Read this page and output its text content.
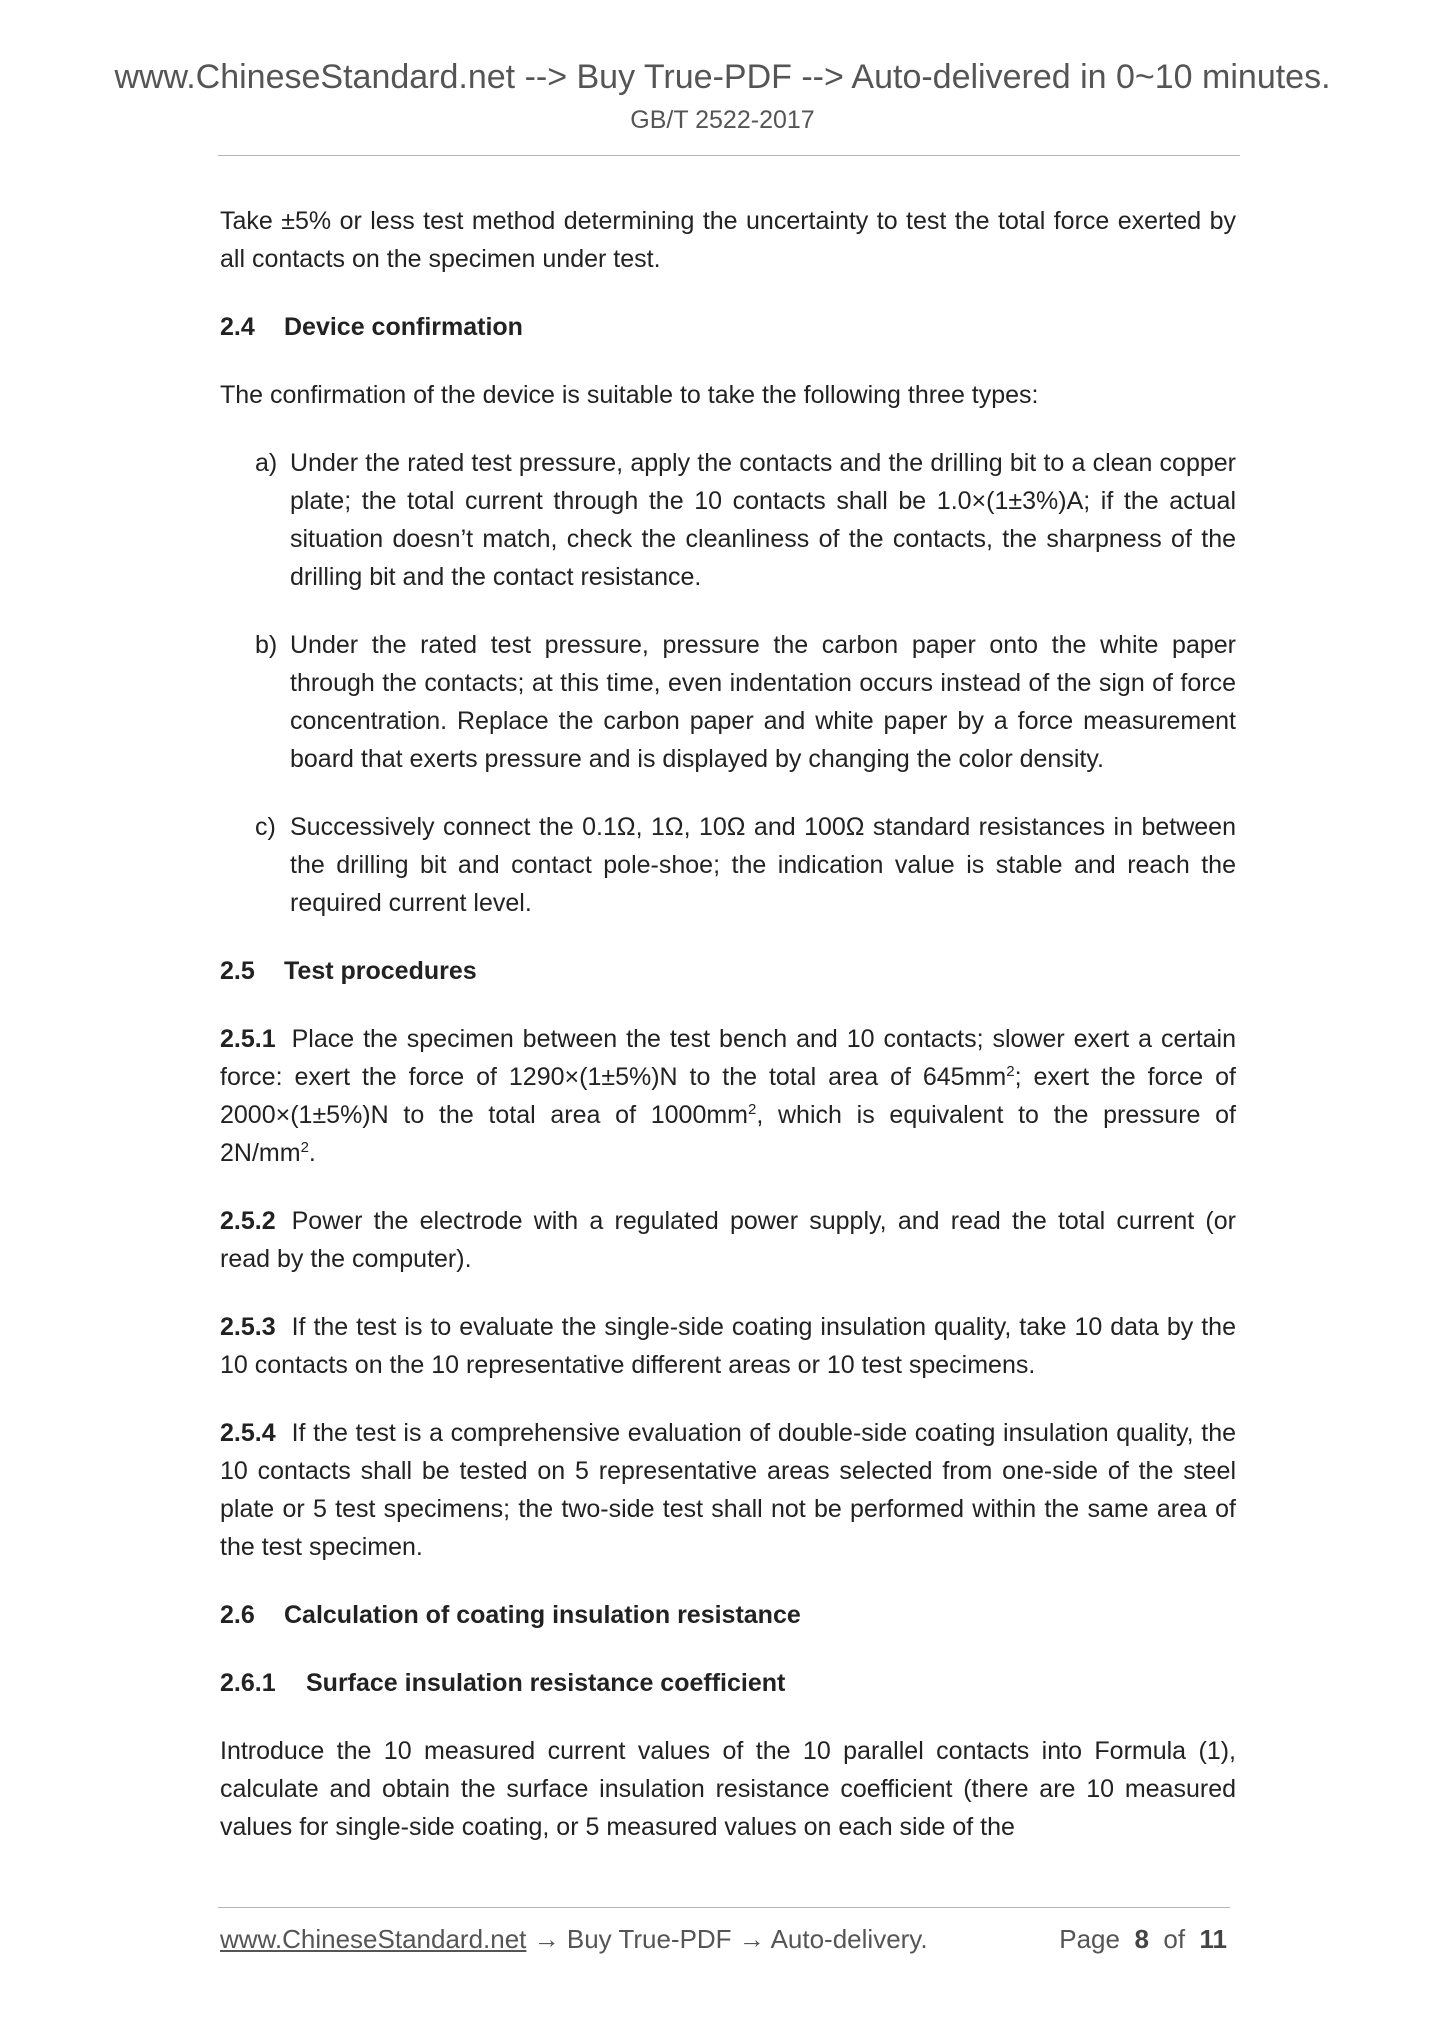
www.ChineseStandard.net --> Buy True-PDF --> Auto-delivered in 0~10 minutes.
GB/T 2522-2017

Take ±5% or less test method determining the uncertainty to test the total force exerted by all contacts on the specimen under test.

2.4 Device confirmation

The confirmation of the device is suitable to take the following three types:

a) Under the rated test pressure, apply the contacts and the drilling bit to a clean copper plate; the total current through the 10 contacts shall be 1.0×(1±3%)A; if the actual situation doesn’t match, check the cleanliness of the contacts, the sharpness of the drilling bit and the contact resistance.

b) Under the rated test pressure, pressure the carbon paper onto the white paper through the contacts; at this time, even indentation occurs instead of the sign of force concentration. Replace the carbon paper and white paper by a force measurement board that exerts pressure and is displayed by changing the color density.

c) Successively connect the 0.1Ω, 1Ω, 10Ω and 100Ω standard resistances in between the drilling bit and contact pole-shoe; the indication value is stable and reach the required current level.

2.5 Test procedures

2.5.1 Place the specimen between the test bench and 10 contacts; slower exert a certain force: exert the force of 1290×(1±5%)N to the total area of $645mm^2$; exert the force of 2000×(1±5%)N to the total area of $1000mm^2$, which is equivalent to the pressure of $2N/mm^2$.

2.5.2 Power the electrode with a regulated power supply, and read the total current (or read by the computer).

2.5.3 If the test is to evaluate the single-side coating insulation quality, take 10 data by the 10 contacts on the 10 representative different areas or 10 test specimens.

2.5.4 If the test is a comprehensive evaluation of double-side coating insulation quality, the 10 contacts shall be tested on 5 representative areas selected from one-side of the steel plate or 5 test specimens; the two-side test shall not be performed within the same area of the test specimen.

2.6 Calculation of coating insulation resistance

2.6.1 Surface insulation resistance coefficient

Introduce the 10 measured current values of the 10 parallel contacts into Formula (1), calculate and obtain the surface insulation resistance coefficient (there are 10 measured values for single-side coating, or 5 measured values on each side of the

www.ChineseStandard.net → Buy True-PDF → Auto-delivery.	Page 8 of 11
